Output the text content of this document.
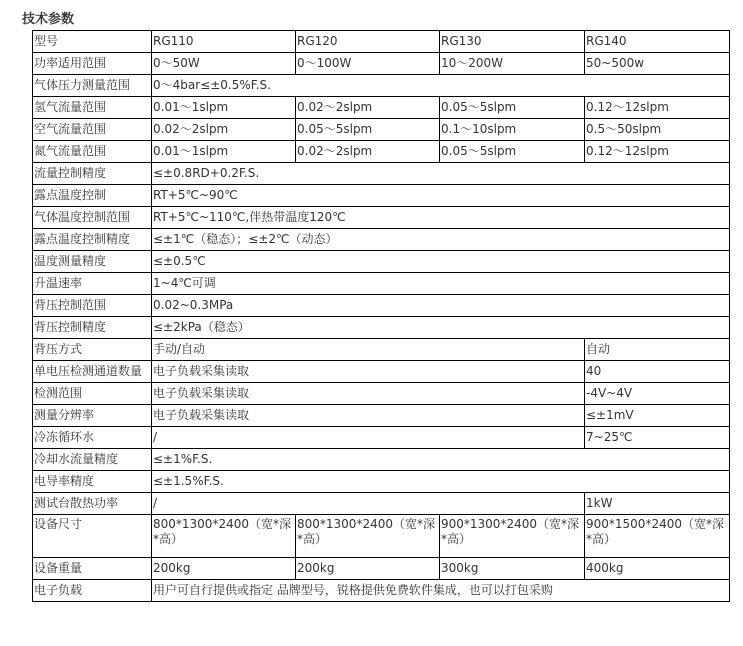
技术参数
型号	RG110	RG120	RG130	RG140
功率适用范围	0～50W	0～100W	10～200W	50~500w
气体压力测量范围	0～4bar≤±0.5%F.S.			
氢气流量范围	0.01～1slpm	0.02～2slpm	0.05～5slpm	0.12～12slpm
空气流量范围	0.02～2slpm	0.05～5slpm	0.1～10slpm	0.5～50slpm
氮气流量范围	0.01～1slpm	0.02～2slpm	0.05～5slpm	0.12～12slpm
流量控制精度	≤±0.8RD+0.2F.S.			
露点温度控制	RT+5℃~90℃			
气体温度控制范围	RT+5℃~110℃,伴热带温度120℃			
露点温度控制精度	≤±1℃（稳态）；≤±2℃（动态）			
温度测量精度	≤±0.5℃			
升温速率	1~4℃可调			
背压控制范围	0.02~0.3MPa			
背压控制精度	≤±2kPa（稳态）			
背压方式	手动/自动			自动
单电压检测通道数量	电子负载采集读取			40
检测范围	电子负载采集读取			-4V~4V
测量分辨率	电子负载采集读取			≤±1mV
冷冻循环水	/			7~25℃
冷却水流量精度	≤±1%F.S.			
电导率精度	≤±1.5%F.S.			
测试台散热功率	/			1kW
设备尺寸	800*1300*2400（宽*深*高）	800*1300*2400（宽*深*高）	900*1300*2400（宽*深*高）	900*1500*2400（宽*深*高）
设备重量	200kg	200kg	300kg	400kg
电子负载	用户可自行提供或指定 品牌型号，锐格提供免费软件集成，也可以打包采购			
